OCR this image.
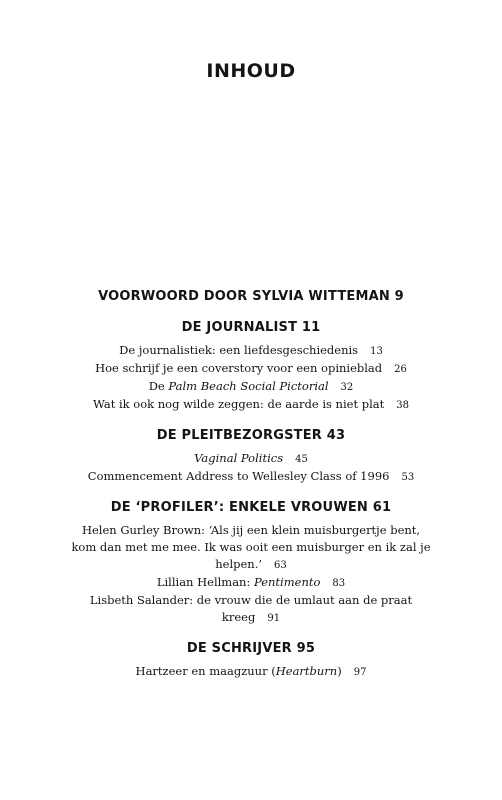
INHOUD
VOORWOORD DOOR SYLVIA WITTEMAN 9
DE JOURNALIST 11
De journalistiek: een liefdesgeschiedenis 13
Hoe schrijf je een coverstory voor een opinieblad 26
De Palm Beach Social Pictorial 32
Wat ik ook nog wilde zeggen: de aarde is niet plat 38
DE PLEITBEZORGSTER 43
Vaginal Politics 45
Commencement Address to Wellesley Class of 1996 53
DE ‘PROFILER’: ENKELE VROUWEN 61
Helen Gurley Brown: ‘Als jij een klein muisburgertje bent,
kom dan met me mee. Ik was ooit een muisburger en ik zal je
helpen.’ 63
Lillian Hellman: Pentimento 83
Lisbeth Salander: de vrouw die de umlaut aan de praat
kreeg 91
DE SCHRIJVER 95
Hartzeer en maagzuur (Heartburn) 97
